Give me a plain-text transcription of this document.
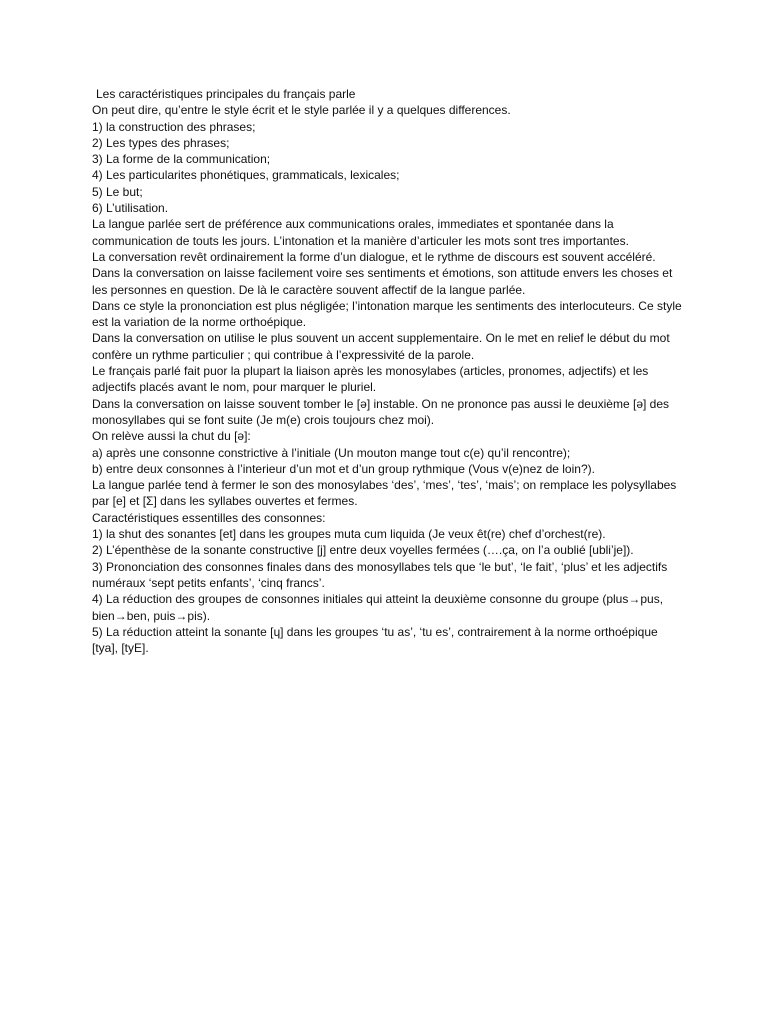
Les caractéristiques principales du français parle

On peut dire, qu’entre le style écrit et le style parlée il y a quelques differences.

1) la construction des phrases;

2) Les types des phrases;

3) La forme de la communication;

4) Les particularites phonétiques, grammaticals, lexicales;

5) Le but;

6) L’utilisation.

La langue parlée sert de préférence aux communications orales, immediates et spontanée dans la communication de touts les jours. L’intonation et la manière d’articuler les mots sont tres importantes.

La conversation revêt ordinairement la forme d’un dialogue, et le rythme de discours est souvent accéléré. Dans la conversation on laisse facilement voire ses sentiments et émotions, son attitude envers les choses et les personnes en question. De là le caractère souvent affectif de la langue parlée.

Dans ce style la prononciation est plus négligée; l’intonation marque les sentiments des interlocuteurs. Ce style est la variation de la norme orthoépique.

Dans la conversation on utilise le plus souvent un accent supplementaire. On le met en relief le début du mot confère un rythme particulier ; qui contribue à l’expressivité de la parole.

Le français parlé fait puor la plupart la liaison après les monosylabes (articles, pronomes, adjectifs) et les adjectifs placés avant le nom, pour marquer le pluriel.

Dans la conversation on laisse souvent tomber le [ə] instable. On ne prononce pas aussi le deuxième [ə] des monosyllabes qui se font suite (Je m(e) crois toujours chez moi).

On relève aussi la chut du [ə]:

a) après une consonne constrictive à l’initiale (Un mouton mange tout c(e) qu’il rencontre);

b) entre deux consonnes à l’interieur d’un mot et d’un group rythmique (Vous v(e)nez de loin?).

La langue parlée tend à fermer le son des monosylabes ‘des’, ‘mes’, ‘tes’, ‘mais’; on remplace les polysyllabes par [e] et [Σ] dans les syllabes ouvertes et fermes.

Caractéristiques essentilles des consonnes:

1) la shut des sonantes [et] dans les groupes muta cum liquida (Je veux êt(re) chef d’orchest(re).

2) L’épenthèse de la sonante constructive [j] entre deux voyelles fermées (….ça, on l’a oublié [ubli’je]).

3) Prononciation des consonnes finales dans des monosyllabes tels que ‘le but’, ‘le fait’, ‘plus’ et les adjectifs numéraux ‘sept petits enfants’, ‘cinq francs’.

4) La réduction des groupes de consonnes initiales qui atteint la deuxième consonne du groupe (plus→pus, bien→ben, puis→pis).

5) La réduction atteint la sonante [ɥ] dans les groupes ‘tu as’, ‘tu es’, contrairement à la norme orthoépique [tya], [tyE].
